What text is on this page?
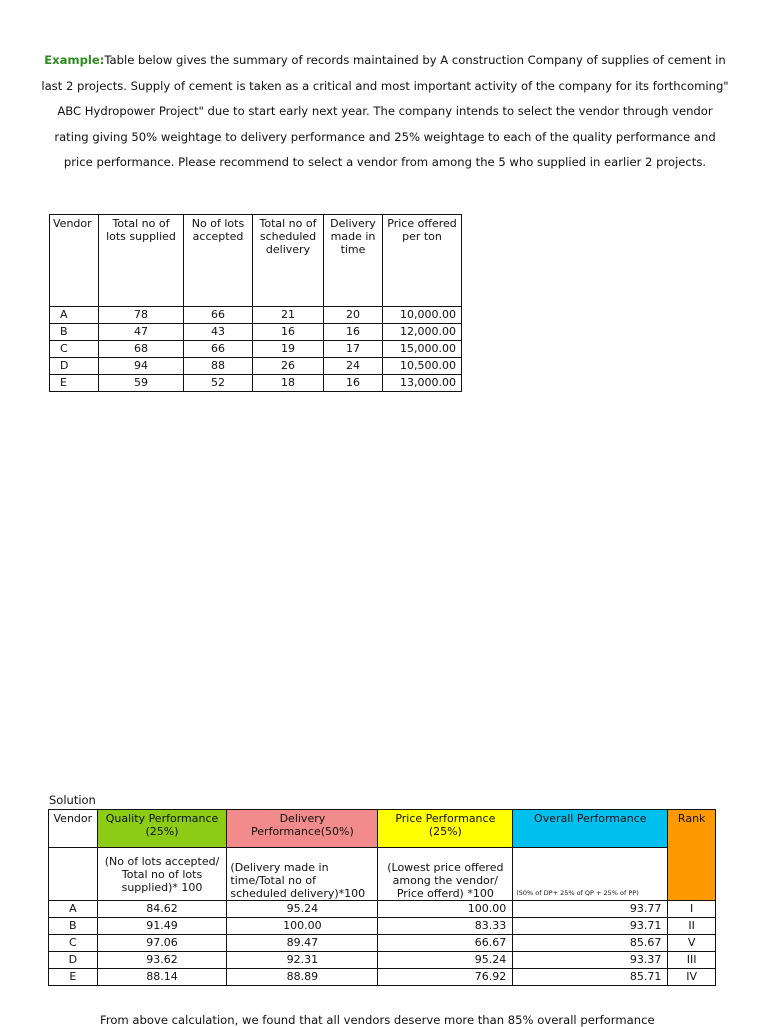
Example:Table below gives the summary of records maintained by A construction Company of supplies of cement in last 2 projects. Supply of cement is taken as a critical and most important activity of the company for its forthcoming" ABC Hydropower Project" due to start early next year. The company intends to select the vendor through vendor rating giving 50% weightage to delivery performance and 25% weightage to each of the quality performance and price performance. Please recommend to select a vendor from among the 5 who supplied in earlier 2 projects.
Vendor	Total no of lots supplied	No of lots accepted	Total no of scheduled delivery	Delivery made in time	Price offered per ton
A	78	66	21	20	10,000.00
B	47	43	16	16	12,000.00
C	68	66	19	17	15,000.00
D	94	88	26	24	10,500.00
E	59	52	18	16	13,000.00
Solution
Vendor	Quality Performance (25%)	Delivery Performance(50%)	Price Performance (25%)	Overall Performance	Rank
	(No of lots accepted/ Total no of lots supplied)* 100	(Delivery made in time/Total no of scheduled delivery)*100	(Lowest price offered among the vendor/ Price offerd) *100	(50% of DP+ 25% of QP + 25% of PP)	
A	84.62	95.24	100.00	93.77	I
B	91.49	100.00	83.33	93.71	II
C	97.06	89.47	66.67	85.67	V
D	93.62	92.31	95.24	93.37	III
E	88.14	88.89	76.92	85.71	IV
From above calculation, we found that all vendors deserve more than 85% overall performance
